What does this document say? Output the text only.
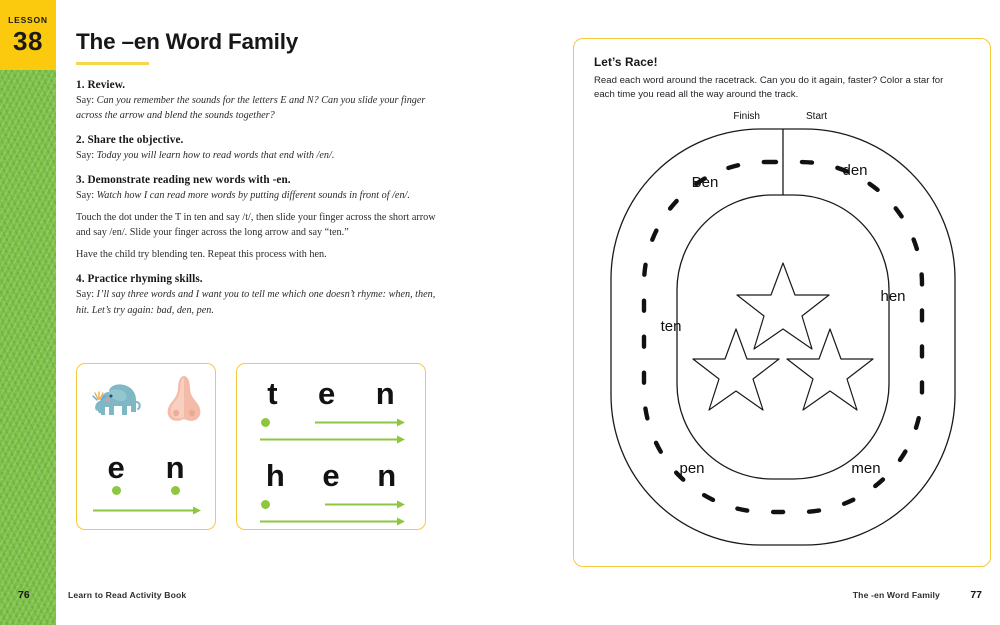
LESSON
38 The –en Word Family

1. Review.

Say: Can you remember the sounds for the letters E and N? Can you slide your finger across the arrow and blend the sounds together?

2. Share the objective.

Say: Today you will learn how to read words that end with /en/.

3. Demonstrate reading new words with -en.

Say: Watch how I can read more words by putting different sounds in front of /en/.

Touch the dot under the T in ten and say /t/, then slide your finger across the short arrow and say /en/. Slide your finger across the long arrow and say “ten.”

Have the child try blending ten. Repeat this process with hen.

4. Practice rhyming skills.

Say: I’ll say three words and I want you to tell me which one doesn’t rhyme: when, then, hit. Let’s try again: bad, den, pen.

e n
t e n
h e n
76	Learn to Read Activity Book

Let’s Race!

Read each word around the racetrack. Can you do it again, faster? Color a star for each time you read all the way around the track.

Finish	Start
den
hen
men
pen
ten
Ben
The -en Word Family	77
